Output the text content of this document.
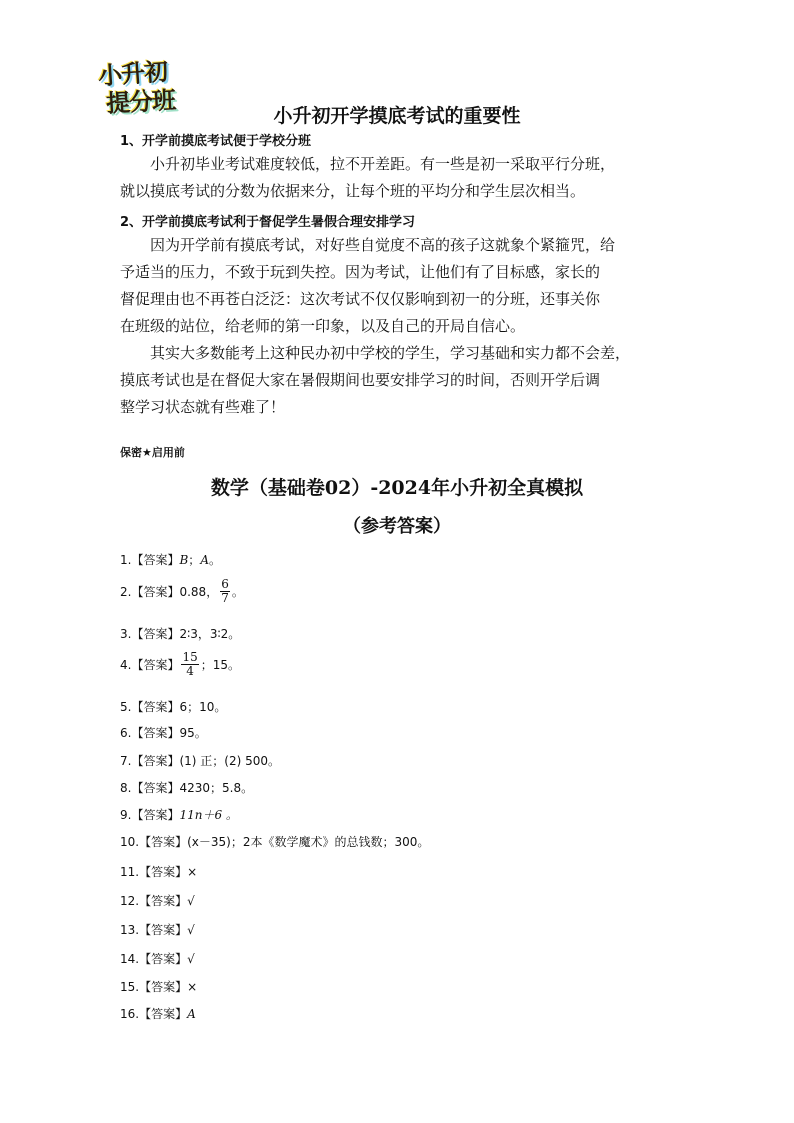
小升初
提分班	小升初开学摸底考试的重要性
1、开学前摸底考试便于学校分班
小升初毕业考试难度较低，拉不开差距。有一些是初一采取平行分班，
就以摸底考试的分数为依据来分，让每个班的平均分和学生层次相当。
2、开学前摸底考试利于督促学生暑假合理安排学习
因为开学前有摸底考试，对好些自觉度不高的孩子这就象个紧箍咒，给
予适当的压力，不致于玩到失控。因为考试，让他们有了目标感，家长的
督促理由也不再苍白泛泛：这次考试不仅仅影响到初一的分班，还事关你
在班级的站位，给老师的第一印象，以及自己的开局自信心。
其实大多数能考上这种民办初中学校的学生，学习基础和实力都不会差，
摸底考试也是在督促大家在暑假期间也要安排学习的时间，否则开学后调
整学习状态就有些难了！
保密★启用前
数学（基础卷02）-2024年小升初全真模拟
（参考答案）
1. 【答案】 B ； A 。
2. 【答案】 0.88， $\frac{6}{7}$ 。
3. 【答案】 2∶3，3∶2。
4. 【答案】 $\frac{15}{4}$ ；15。
5. 【答案】 6；10。
6. 【答案】 95。
7. 【答案】 (1) 正；(2) 500。
8. 【答案】 4230；5.8。
9. 【答案】 11n＋6 。
10. 【答案】 (x－35)；2本《数学魔术》的总钱数；300。
11. 【答案】 ×
12. 【答案】 √
13. 【答案】 √
14. 【答案】 √
15. 【答案】 ×
16. 【答案】 A
